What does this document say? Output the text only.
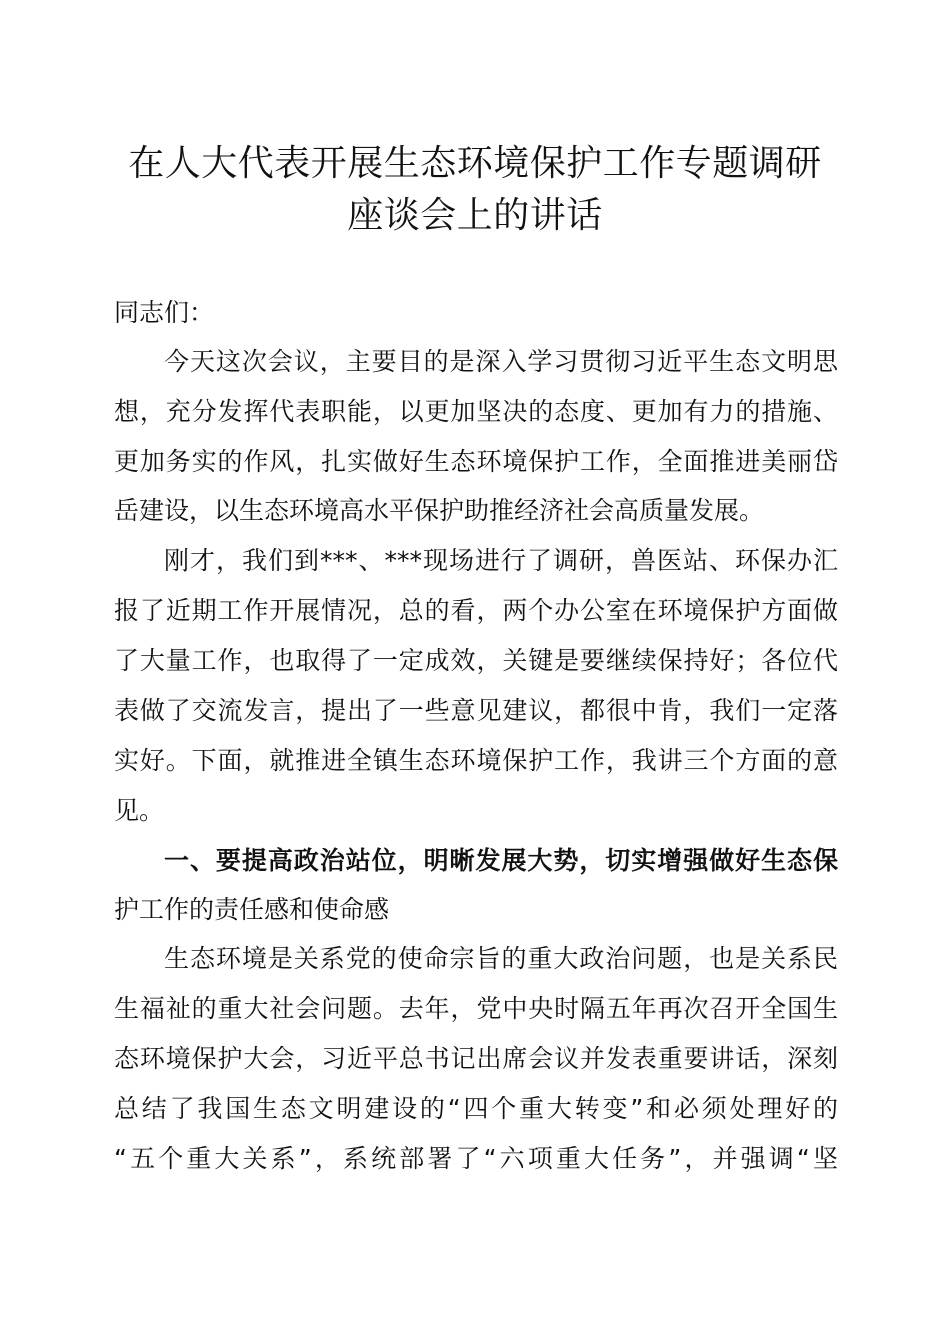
在人大代表开展生态环境保护工作专题调研
座谈会上的讲话
同志们：
今天这次会议，主要目的是深入学习贯彻习近平生态文明思
想，充分发挥代表职能，以更加坚决的态度、更加有力的措施、
更加务实的作风，扎实做好生态环境保护工作，全面推进美丽岱
岳建设，以生态环境高水平保护助推经济社会高质量发展。
刚才，我们到***、***现场进行了调研，兽医站、环保办汇
报了近期工作开展情况，总的看，两个办公室在环境保护方面做
了大量工作，也取得了一定成效，关键是要继续保持好；各位代
表做了交流发言，提出了一些意见建议，都很中肯，我们一定落
实好。下面，就推进全镇生态环境保护工作，我讲三个方面的意
见。
一、要提高政治站位，明晰发展大势，切实增强做好生态保
护工作的责任感和使命感
生态环境是关系党的使命宗旨的重大政治问题，也是关系民
生福祉的重大社会问题。去年，党中央时隔五年再次召开全国生
态环境保护大会，习近平总书记出席会议并发表重要讲话，深刻
总结了我国生态文明建设的“四个重大转变”和必须处理好的
“五个重大关系”，系统部署了“六项重大任务”，并强调“坚
